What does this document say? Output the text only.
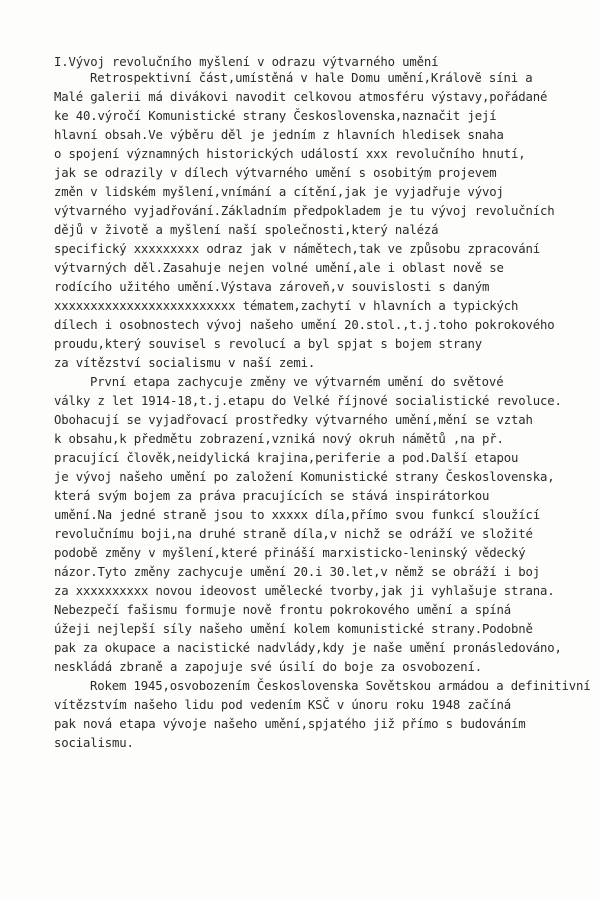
I.Vývoj revolučního myšlení v odrazu výtvarného umění
Retrospektivní část,umístěná v hale Domu umění,Královĕ síni a
Malé galerii má divákovi navodit celkovou atmosféru výstavy,pořádané
ke 40.výročí Komunistické strany Československa,naznačit její
hlavní obsah.Ve výběru děl je jedním z hlavních hledisek snaha
o spojení významných historických událostí xxx revolučního hnutí,
jak se odrazily v dílech výtvarného umění s osobitým projevem
změn v lidském myšlení,vnímání a cítění,jak je vyjadřuje vývoj
výtvarného vyjadřování.Základním předpokladem je tu vývoj revolučních
dějů v životě a myšlení naší společnosti,který nalézá
specifický xxxxxxxxx odraz jak v námětech,tak ve způsobu zpracování
výtvarných děl.Zasahuje nejen volné umění,ale i oblast nově se
rodícího užitého umění.Výstava zároveň,v souvislosti s daným
xxxxxxxxxxxxxxxxxxxxxxxxx tématem,zachytí v hlavních a typických
dílech i osobnostech vývoj našeho umění 20.stol.,t.j.toho pokrokového
proudu,který souvisel s revolucí a byl spjat s bojem strany
za vítězství socialismu v naší zemi.
První etapa zachycuje změny ve výtvarném umění do světové
války z let 1914-18,t.j.etapu do Velké říjnové socialistické revoluce.
Obohacují se vyjadřovací prostředky výtvarného umění,mění se vztah
k obsahu,k předmětu zobrazení,vzniká nový okruh námětů ,na př.
pracující člověk,neidylická krajina,periferie a pod.Další etapou
je vývoj našeho umění po založení Komunistické strany Československa,
která svým bojem za práva pracujících se stává inspirátorkou
umění.Na jedné straně jsou to xxxxx díla,přímo svou funkcí sloužící
revolučnímu boji,na druhé straně díla,v nichž se odráží ve složité
podobě změny v myšlení,které přináší marxisticko-leninský vědecký
názor.Tyto změny zachycuje umění 20.i 30.let,v němž se obráží i boj
za xxxxxxxxxx novou ideovost umělecké tvorby,jak ji vyhlašuje strana.
Nebezpečí fašismu formuje nově frontu pokrokového umění a spíná
úžeji nejlepší síly našeho umění kolem komunistické strany.Podobně
pak za okupace a nacistické nadvlády,kdy je naše umění pronásledováno,
neskládá zbraně a zapojuje své úsilí do boje za osvobození.
Rokem 1945,osvobozením Československa Sovětskou armádou a definitivní
vítězstvím našeho lidu pod vedením KSČ v únoru roku 1948 začíná
pak nová etapa vývoje našeho umění,spjatého již přímo s budováním
socialismu.
